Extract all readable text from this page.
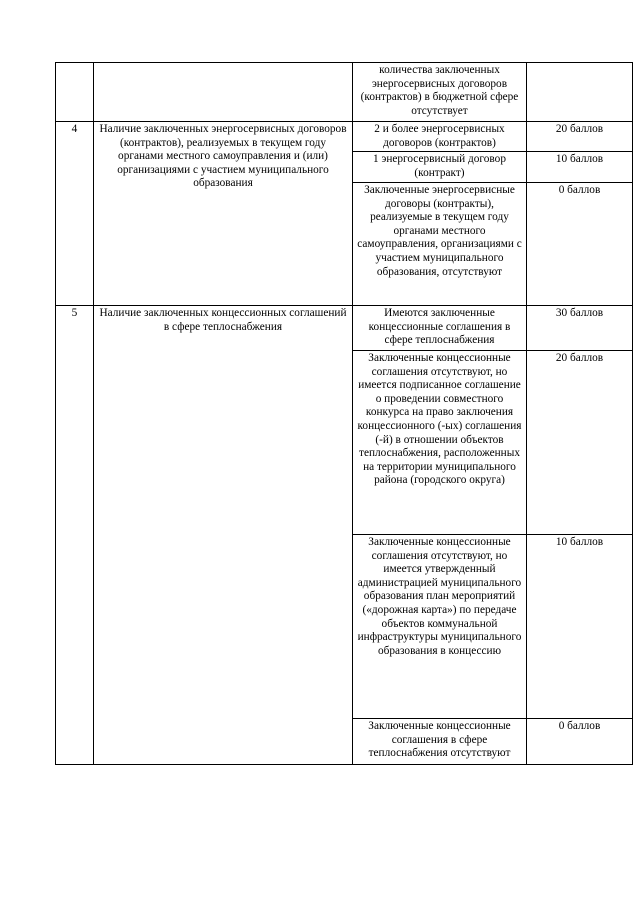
		количества заключенных энергосервисных договоров (контрактов) в бюджетной сфере отсутствует	
4	Наличие заключенных энергосервисных договоров (контрактов), реализуемых в текущем году органами местного самоуправления и (или) организациями с участием муниципального образования	2 и более энергосервисных договоров (контрактов)	20 баллов
		1 энергосервисный договор (контракт)	10 баллов
		Заключенные энергосервисные договоры (контракты), реализуемые в текущем году органами местного самоуправления, организациями с участием муниципального образования, отсутствуют	0 баллов
5	Наличие заключенных концессионных соглашений в сфере теплоснабжения	Имеются заключенные концессионные соглашения в сфере теплоснабжения	30 баллов
		Заключенные концессионные соглашения отсутствуют, но имеется подписанное соглашение о проведении совместного конкурса на право заключения концессионного (-ых) соглашения (-й) в отношении объектов теплоснабжения, расположенных на территории муниципального района (городского округа)	20 баллов
		Заключенные концессионные соглашения отсутствуют, но имеется утвержденный администрацией муниципального образования план мероприятий («дорожная карта») по передаче объектов коммунальной инфраструктуры муниципального образования в концессию	10 баллов
		Заключенные концессионные соглашения в сфере теплоснабжения отсутствуют	0 баллов
